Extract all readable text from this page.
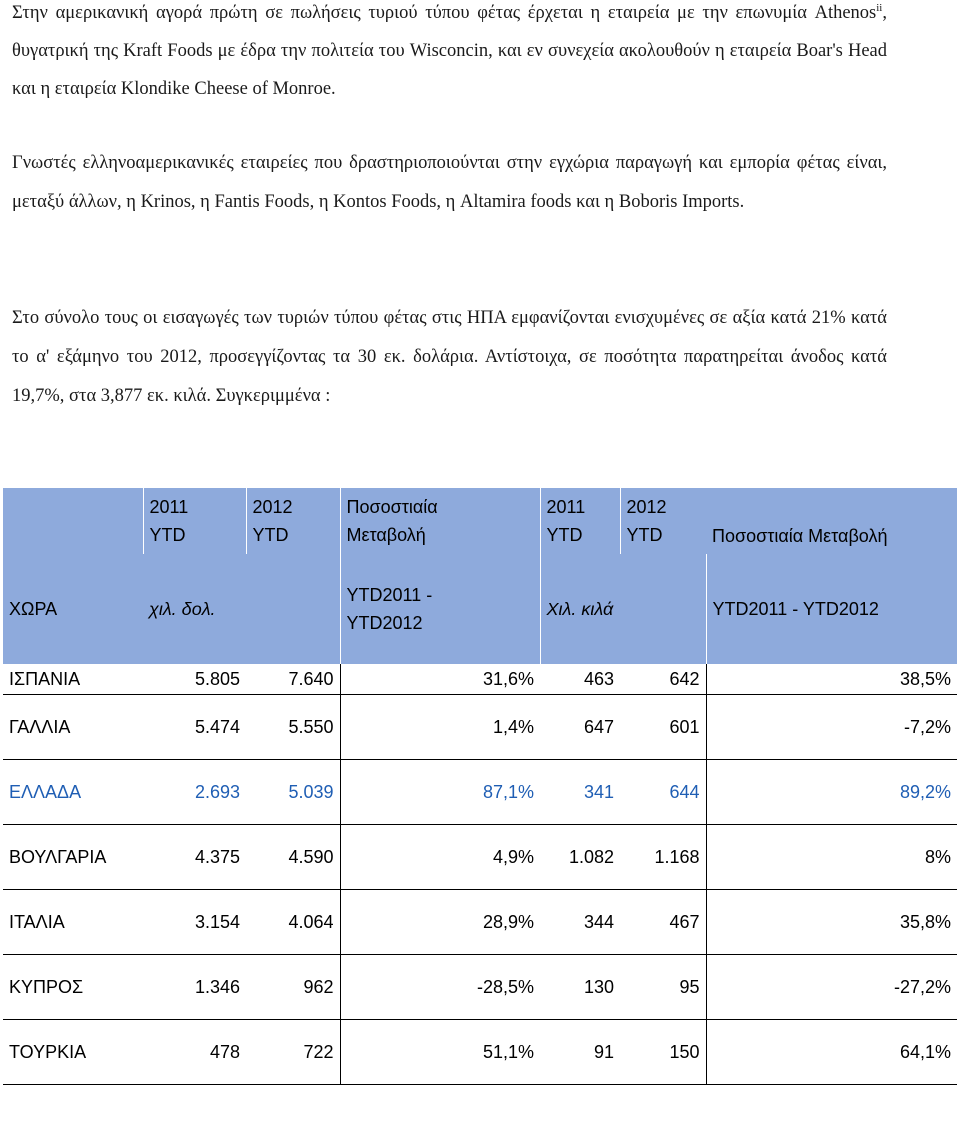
Στην αμερικανική αγορά πρώτη σε πωλήσεις τυριού τύπου φέτας έρχεται η εταιρεία με την επωνυμία Athenos$^{ii}$, θυγατρική της Kraft Foods με έδρα την πολιτεία του Wisconcin, και εν συνεχεία ακολουθούν η εταιρεία Boar's Head και η εταιρεία Klondike Cheese of Monroe.

Γνωστές ελληνοαμερικανικές εταιρείες που δραστηριοποιούνται στην εγχώρια παραγωγή και εμπορία φέτας είναι, μεταξύ άλλων, η Krinos, η Fantis Foods, η Kontos Foods, η Altamira foods και η Boboris Imports.

Στο σύνολο τους οι εισαγωγές των τυριών τύπου φέτας στις ΗΠΑ εμφανίζονται ενισχυμένες σε αξία κατά 21% κατά το α' εξάμηνο του 2012, προσεγγίζοντας τα 30 εκ. δολάρια. Αντίστοιχα, σε ποσότητα παρατηρείται άνοδος κατά 19,7%, στα 3,877 εκ. κιλά. Συγκεριμμένα :

	2011 YTD	2012 YTD	Ποσοστιαία Μεταβολή	2011 YTD	2012 YTD	Ποσοστιαία Μεταβολή
ΧΩΡΑ	χιλ. δολ.		YTD2011 - YTD2012	Χιλ. κιλά		YTD2011 - YTD2012
ΙΣΠΑΝΙΑ	5.805	7.640	31,6%	463	642	38,5%
ΓΑΛΛΙΑ	5.474	5.550	1,4%	647	601	-7,2%
ΕΛΛΑΔΑ	2.693	5.039	87,1%	341	644	89,2%
ΒΟΥΛΓΑΡΙΑ	4.375	4.590	4,9%	1.082	1.168	8%
ΙΤΑΛΙΑ	3.154	4.064	28,9%	344	467	35,8%
ΚΥΠΡΟΣ	1.346	962	-28,5%	130	95	-27,2%
ΤΟΥΡΚΙΑ	478	722	51,1%	91	150	64,1%
